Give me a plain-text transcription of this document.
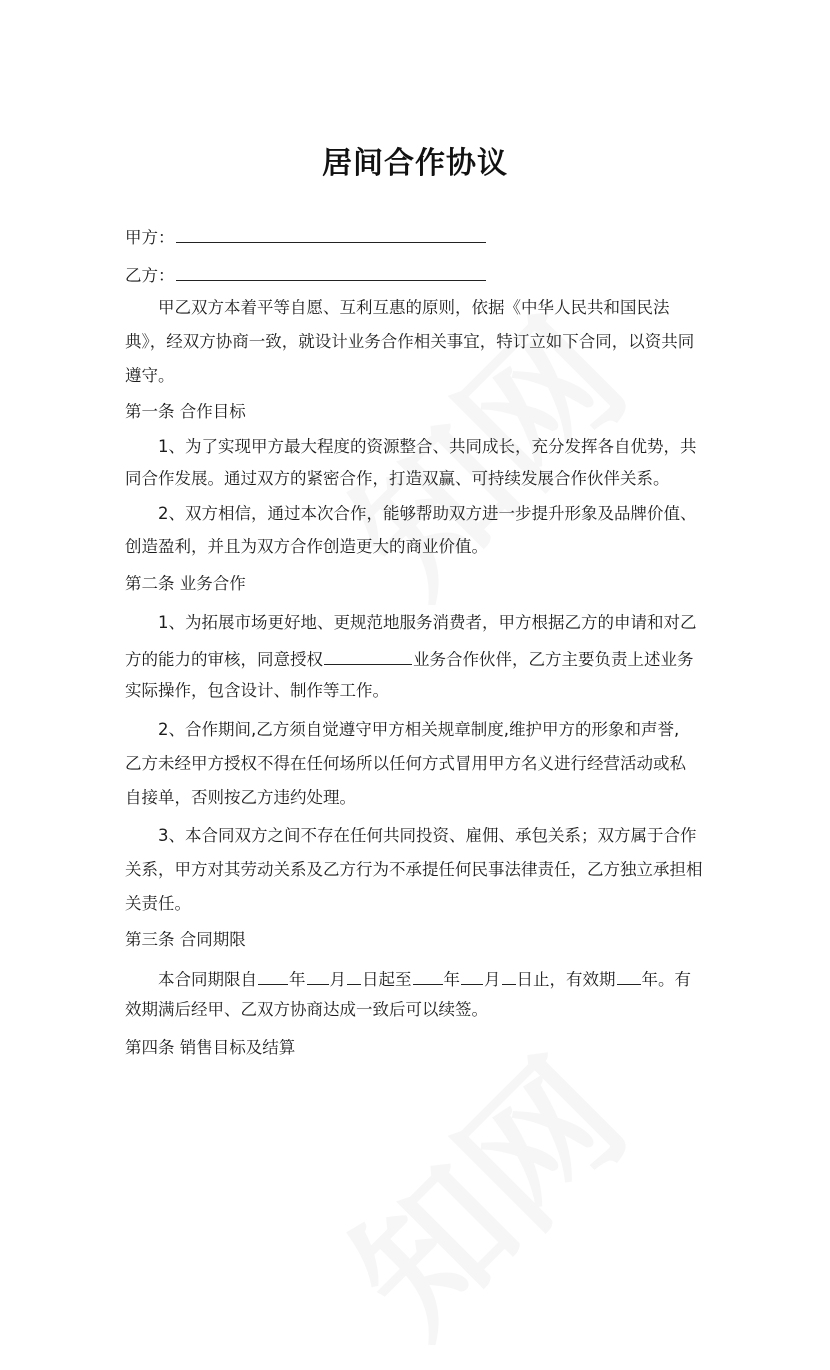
居间合作协议
甲方：
乙方：
甲乙双方本着平等自愿、互利互惠的原则，依据《中华人民共和国民法
典》，经双方协商一致，就设计业务合作相关事宜，特订立如下合同，以资共同
遵守。
第一条 合作目标
1、为了实现甲方最大程度的资源整合、共同成长，充分发挥各自优势，共
同合作发展。通过双方的紧密合作，打造双赢、可持续发展合作伙伴关系。
2、双方相信，通过本次合作，能够帮助双方进一步提升形象及品牌价值、
创造盈利，并且为双方合作创造更大的商业价值。
第二条 业务合作
1、为拓展市场更好地、更规范地服务消费者，甲方根据乙方的申请和对乙
方的能力的审核，同意授权	业务合作伙伴，乙方主要负责上述业务
实际操作，包含设计、制作等工作。
2、合作期间,乙方须自觉遵守甲方相关规章制度,维护甲方的形象和声誉,
乙方未经甲方授权不得在任何场所以任何方式冒用甲方名义进行经营活动或私
自接单，否则按乙方违约处理。
3、本合同双方之间不存在任何共同投资、雇佣、承包关系；双方属于合作
关系，甲方对其劳动关系及乙方行为不承提任何民事法律责任，乙方独立承担相
关责任。
第三条 合同期限
本合同期限自 年 月 日起至 年 月 日止，有效期 年。有
效期满后经甲、乙双方协商达成一致后可以续签。
第四条 销售目标及结算
